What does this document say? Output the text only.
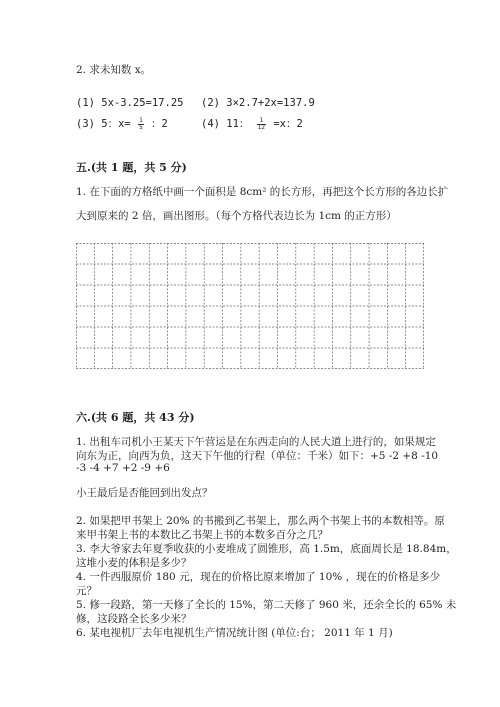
2. 求未知数 x。
(1) 5x-3.25=17.25 (2) 3×2.7+2x=137.9
(3) 5：$x= \frac{1}{5}$ ：2	(4) 11： $\frac{1}{12} =x$：2
五.(共 1 题，共 5 分)
1. 在下面的方格纸中画一个面积是 8cm² 的长方形，再把这个长方形的各边长扩
大到原来的 2 倍，画出图形。（每个方格代表边长为 1cm 的正方形）
六.(共 6 题，共 43 分)
1. 出租车司机小王某天下午营运是在东西走向的人民大道上进行的，如果规定
向东为正，向西为负，这天下午他的行程（单位：千米）如下：+5 -2 +8 -10
-3 -4 +7 +2 -9 +6
小王最后是否能回到出发点？
2. 如果把甲书架上 20% 的书搬到乙书架上，那么两个书架上书的本数相等。原
来甲书架上书的本数比乙书架上书的本数多百分之几？
3. 李大爷家去年夏季收获的小麦堆成了圆锥形，高 1.5m，底面周长是 18.84m，
这堆小麦的体积是多少？
4. 一件西服原价 180 元，现在的价格比原来增加了 10% ，现在的价格是多少
元？
5. 修一段路，第一天修了全长的 15%，第二天修了 960 米，还余全长的 65% 未
修，这段路全长多少米？
6. 某电视机厂去年电视机生产情况统计图 (单位:台； 2011 年 1 月)
